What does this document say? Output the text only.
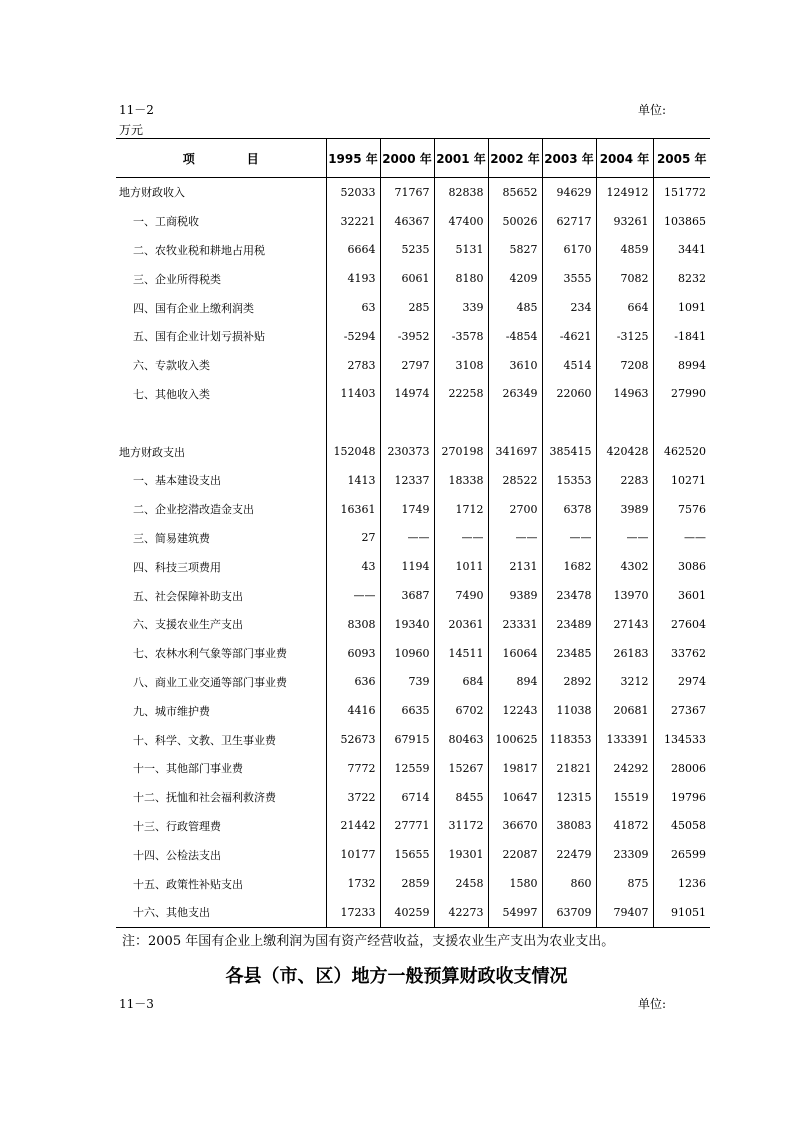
11－2	单位:
万元
项 目	1995 年	2000 年	2001 年	2002 年	2003 年	2004 年	2005 年
地方财政收入	52033	71767	82838	85652	94629	124912	151772
一、工商税收	32221	46367	47400	50026	62717	93261	103865
二、农牧业税和耕地占用税	6664	5235	5131	5827	6170	4859	3441
三、企业所得税类	4193	6061	8180	4209	3555	7082	8232
四、国有企业上缴利润类	63	285	339	485	234	664	1091
五、国有企业计划亏损补贴	-5294	-3952	-3578	-4854	-4621	-3125	-1841
六、专款收入类	2783	2797	3108	3610	4514	7208	8994
七、其他收入类	11403	14974	22258	26349	22060	14963	27990

地方财政支出	152048	230373	270198	341697	385415	420428	462520
一、基本建设支出	1413	12337	18338	28522	15353	2283	10271
二、企业挖潜改造金支出	16361	1749	1712	2700	6378	3989	7576
三、简易建筑费	27	——	——	——	——	——	——
四、科技三项费用	43	1194	1011	2131	1682	4302	3086
五、社会保障补助支出	——	3687	7490	9389	23478	13970	3601
六、支援农业生产支出	8308	19340	20361	23331	23489	27143	27604
七、农林水利气象等部门事业费	6093	10960	14511	16064	23485	26183	33762
八、商业工业交通等部门事业费	636	739	684	894	2892	3212	2974
九、城市维护费	4416	6635	6702	12243	11038	20681	27367
十、科学、文教、卫生事业费	52673	67915	80463	100625	118353	133391	134533
十一、其他部门事业费	7772	12559	15267	19817	21821	24292	28006
十二、抚恤和社会福利救济费	3722	6714	8455	10647	12315	15519	19796
十三、行政管理费	21442	27771	31172	36670	38083	41872	45058
十四、公检法支出	10177	15655	19301	22087	22479	23309	26599
十五、政策性补贴支出	1732	2859	2458	1580	860	875	1236
十六、其他支出	17233	40259	42273	54997	63709	79407	91051
注：2005 年国有企业上缴利润为国有资产经营收益，支援农业生产支出为农业支出。
各县（市、区）地方一般预算财政收支情况
11－3	单位:
